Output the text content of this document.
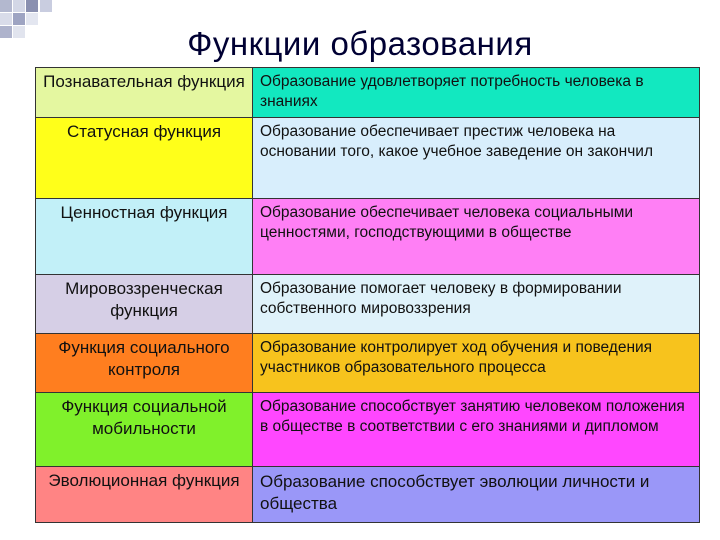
Функции образования
Познавательная функция	Образование удовлетворяет потребность человека в знаниях

Статусная функция	Образование обеспечивает престиж человека на основании того, какое учебное заведение он закончил

Ценностная функция	Образование обеспечивает человека социальными ценностями, господствующими в обществе

Мировоззренческая функция	Образование помогает человеку в формировании собственного мировоззрения

Функция социального контроля	Образование контролирует ход обучения и поведения участников образовательного процесса

Функция социальной мобильности	Образование способствует занятию человеком положения в обществе в соответствии с его знаниями и дипломом

Эволюционная функция	Образование способствует эволюции личности и общества
